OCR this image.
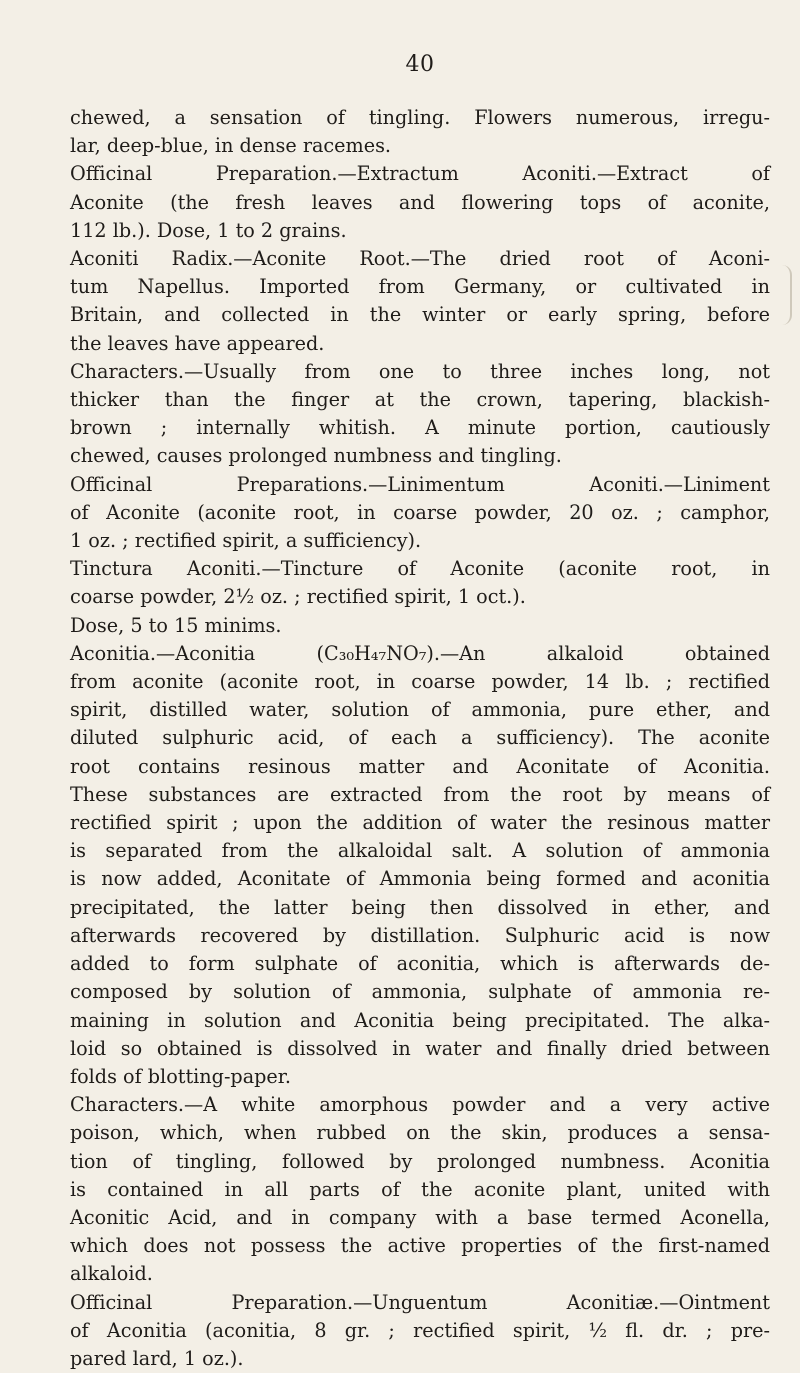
40
chewed, a sensation of tingling. Flowers numerous, irregu-
lar, deep-blue, in dense racemes.
Officinal Preparation.—Extractum Aconiti.—Extract of
Aconite (the fresh leaves and flowering tops of aconite,
112 lb.). Dose, 1 to 2 grains.
Aconiti Radix.—Aconite Root.—The dried root of Aconi-
tum Napellus. Imported from Germany, or cultivated in
Britain, and collected in the winter or early spring, before
the leaves have appeared.
Characters.—Usually from one to three inches long, not
thicker than the finger at the crown, tapering, blackish-
brown ; internally whitish. A minute portion, cautiously
chewed, causes prolonged numbness and tingling.
Officinal Preparations.—Linimentum Aconiti.—Liniment
of Aconite (aconite root, in coarse powder, 20 oz. ; camphor,
1 oz. ; rectified spirit, a sufficiency).
Tinctura Aconiti.—Tincture of Aconite (aconite root, in
coarse powder, 2½ oz. ; rectified spirit, 1 oct.).
Dose, 5 to 15 minims.
Aconitia.—Aconitia (C₃₀H₄₇NO₇).—An alkaloid obtained
from aconite (aconite root, in coarse powder, 14 lb. ; rectified
spirit, distilled water, solution of ammonia, pure ether, and
diluted sulphuric acid, of each a sufficiency). The aconite
root contains resinous matter and Aconitate of Aconitia.
These substances are extracted from the root by means of
rectified spirit ; upon the addition of water the resinous matter
is separated from the alkaloidal salt. A solution of ammonia
is now added, Aconitate of Ammonia being formed and aconitia
precipitated, the latter being then dissolved in ether, and
afterwards recovered by distillation. Sulphuric acid is now
added to form sulphate of aconitia, which is afterwards de-
composed by solution of ammonia, sulphate of ammonia re-
maining in solution and Aconitia being precipitated. The alka-
loid so obtained is dissolved in water and finally dried between
folds of blotting-paper.
Characters.—A white amorphous powder and a very active
poison, which, when rubbed on the skin, produces a sensa-
tion of tingling, followed by prolonged numbness. Aconitia
is contained in all parts of the aconite plant, united with
Aconitic Acid, and in company with a base termed Aconella,
which does not possess the active properties of the first-named
alkaloid.
Officinal Preparation.—Unguentum Aconitiæ.—Ointment
of Aconitia (aconitia, 8 gr. ; rectified spirit, ½ fl. dr. ; pre-
pared lard, 1 oz.).
